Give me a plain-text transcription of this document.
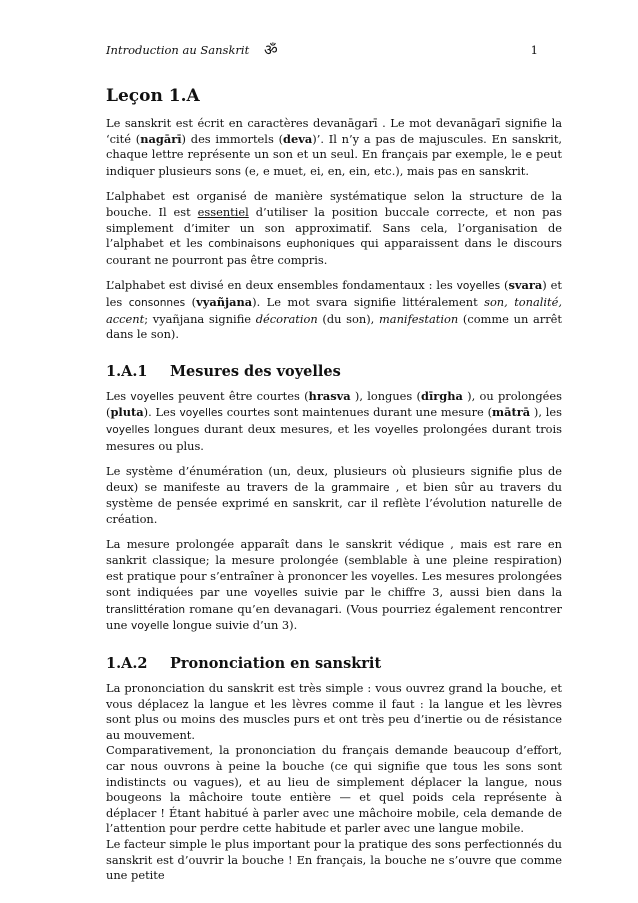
Introduction au Sanskrit ॐ	1
Leçon 1.A

Le sanskrit est écrit en caractères devanāgarī . Le mot devanāgarī signifie la ‘cité (nagārī) des immortels (deva)’. Il n’y a pas de majuscules. En sanskrit, chaque lettre représente un son et un seul. En français par exemple, le e peut indiquer plusieurs sons (e, e muet, ei, en, ein, etc.), mais pas en sanskrit.

L’alphabet est organisé de manière systématique selon la structure de la bouche. Il est essentiel d’utiliser la position buccale correcte, et non pas simplement d’imiter un son approximatif. Sans cela, l’organisation de l’alphabet et les combinaisons euphoniques qui apparaissent dans le discours courant ne pourront pas être compris.

L’alphabet est divisé en deux ensembles fondamentaux : les voyelles (svara) et les consonnes (vyañjana). Le mot svara signifie littéralement son, tonalité, accent; vyañjana signifie décoration (du son), manifestation (comme un arrêt dans le son).

1.A.1 Mesures des voyelles

Les voyelles peuvent être courtes (hrasva ), longues (dīrgha ), ou prolongées (pluta). Les voyelles courtes sont maintenues durant une mesure (mātrā ), les voyelles longues durant deux mesures, et les voyelles prolongées durant trois mesures ou plus.

Le système d’énumération (un, deux, plusieurs où plusieurs signifie plus de deux) se manifeste au travers de la grammaire , et bien sûr au travers du système de pensée exprimé en sanskrit, car il reflète l’évolution naturelle de création.

La mesure prolongée apparaît dans le sanskrit védique , mais est rare en sankrit classique; la mesure prolongée (semblable à une pleine respiration) est pratique pour s’entraîner à prononcer les voyelles. Les mesures prolongées sont indiquées par une voyelles suivie par le chiffre 3, aussi bien dans la translittération romane qu’en devanagari. (Vous pourriez également rencontrer une voyelle longue suivie d’un 3).

1.A.2 Prononciation en sanskrit

La prononciation du sanskrit est très simple : vous ouvrez grand la bouche, et vous déplacez la langue et les lèvres comme il faut : la langue et les lèvres sont plus ou moins des muscles purs et ont très peu d’inertie ou de résistance au mouvement.

Comparativement, la prononciation du français demande beaucoup d’effort, car nous ouvrons à peine la bouche (ce qui signifie que tous les sons sont indistincts ou vagues), et au lieu de simplement déplacer la langue, nous bougeons la mâchoire toute entière — et quel poids cela représente à déplacer ! Étant habitué à parler avec une mâchoire mobile, cela demande de l’attention pour perdre cette habitude et parler avec une langue mobile.

Le facteur simple le plus important pour la pratique des sons perfectionnés du sanskrit est d’ouvrir la bouche ! En français, la bouche ne s’ouvre que comme une petite
